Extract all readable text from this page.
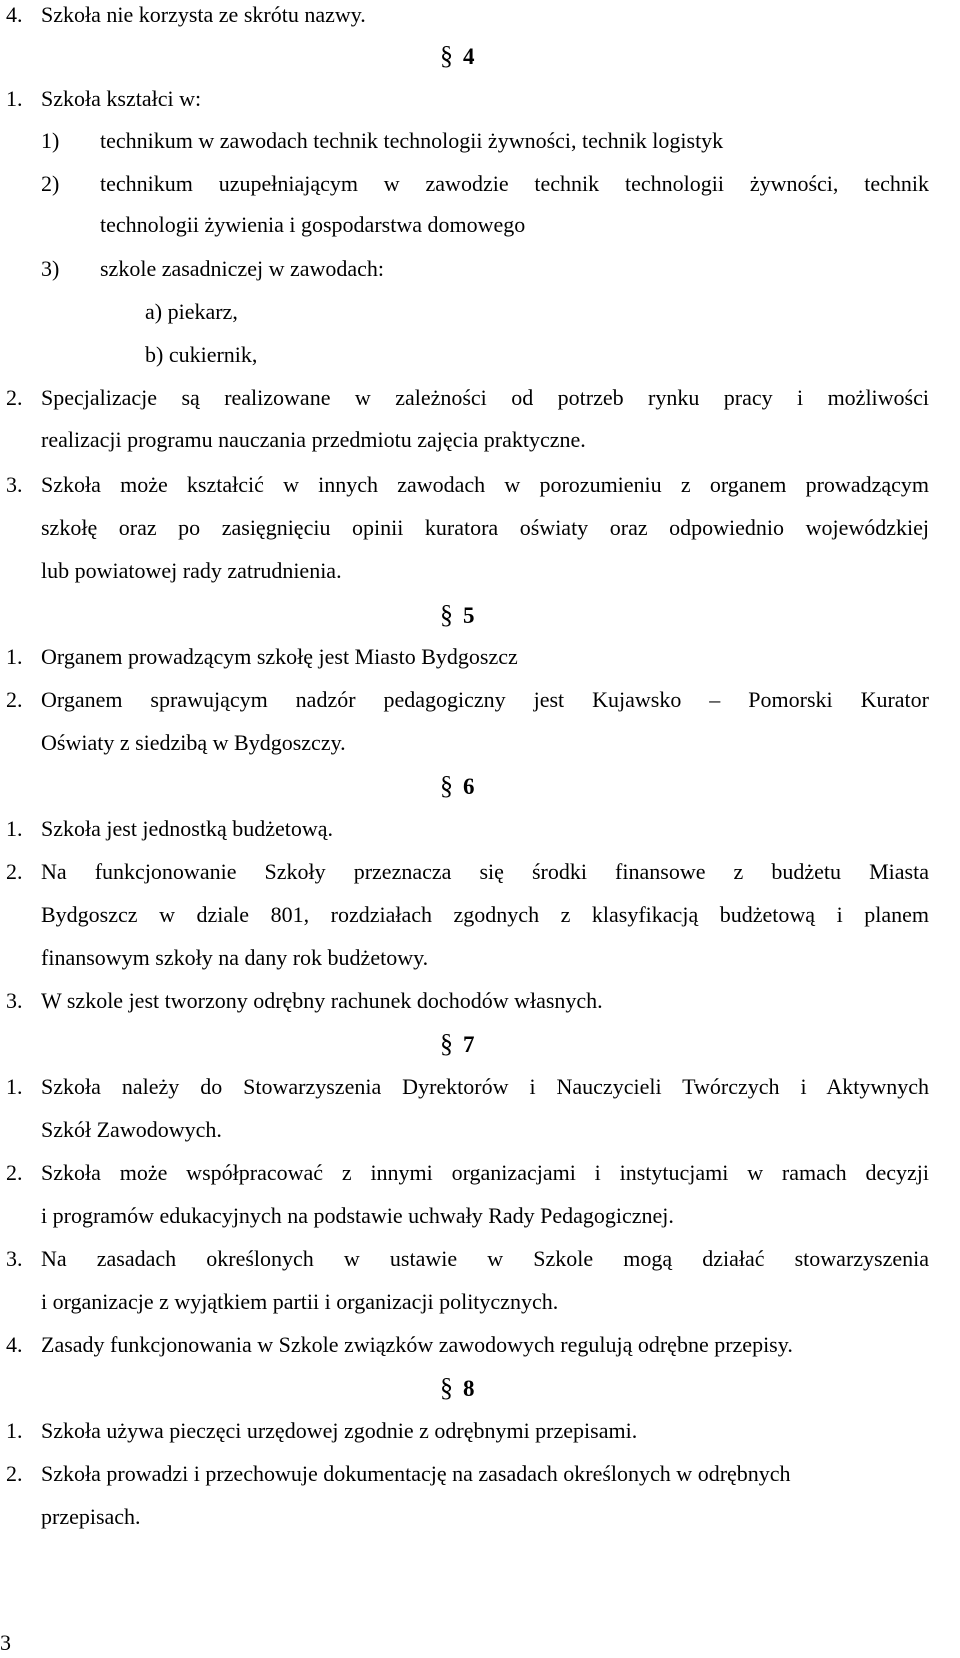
4. Szkoła nie korzysta ze skrótu nazwy.
§ 4
1. Szkoła kształci w:
1) technikum w zawodach technik technologii żywności, technik logistyk
2) technikum uzupełniającym w zawodzie technik technologii żywności, technik
technologii żywienia i gospodarstwa domowego
3) szkole zasadniczej w zawodach:
a) piekarz,
b) cukiernik,
2. Specjalizacje są realizowane w zależności od potrzeb rynku pracy i możliwości
realizacji programu nauczania przedmiotu zajęcia praktyczne.
3. Szkoła może kształcić w innych zawodach w porozumieniu z organem prowadzącym
szkołę oraz po zasięgnięciu opinii kuratora oświaty oraz odpowiednio wojewódzkiej
lub powiatowej rady zatrudnienia.
§ 5
1. Organem prowadzącym szkołę jest Miasto Bydgoszcz
2. Organem sprawującym nadzór pedagogiczny jest Kujawsko – Pomorski Kurator
Oświaty z siedzibą w Bydgoszczy.
§ 6
1. Szkoła jest jednostką budżetową.
2. Na funkcjonowanie Szkoły przeznacza się środki finansowe z budżetu Miasta
Bydgoszcz w dziale 801, rozdziałach zgodnych z klasyfikacją budżetową i planem
finansowym szkoły na dany rok budżetowy.
3. W szkole jest tworzony odrębny rachunek dochodów własnych.
§ 7
1. Szkoła należy do Stowarzyszenia Dyrektorów i Nauczycieli Twórczych i Aktywnych
Szkół Zawodowych.
2. Szkoła może współpracować z innymi organizacjami i instytucjami w ramach decyzji
i programów edukacyjnych na podstawie uchwały Rady Pedagogicznej.
3. Na zasadach określonych w ustawie w Szkole mogą działać stowarzyszenia
i organizacje z wyjątkiem partii i organizacji politycznych.
4. Zasady funkcjonowania w Szkole związków zawodowych regulują odrębne przepisy.
§ 8
1. Szkoła używa pieczęci urzędowej zgodnie z odrębnymi przepisami.
2. Szkoła prowadzi i przechowuje dokumentację na zasadach określonych w odrębnych
przepisach.
3
